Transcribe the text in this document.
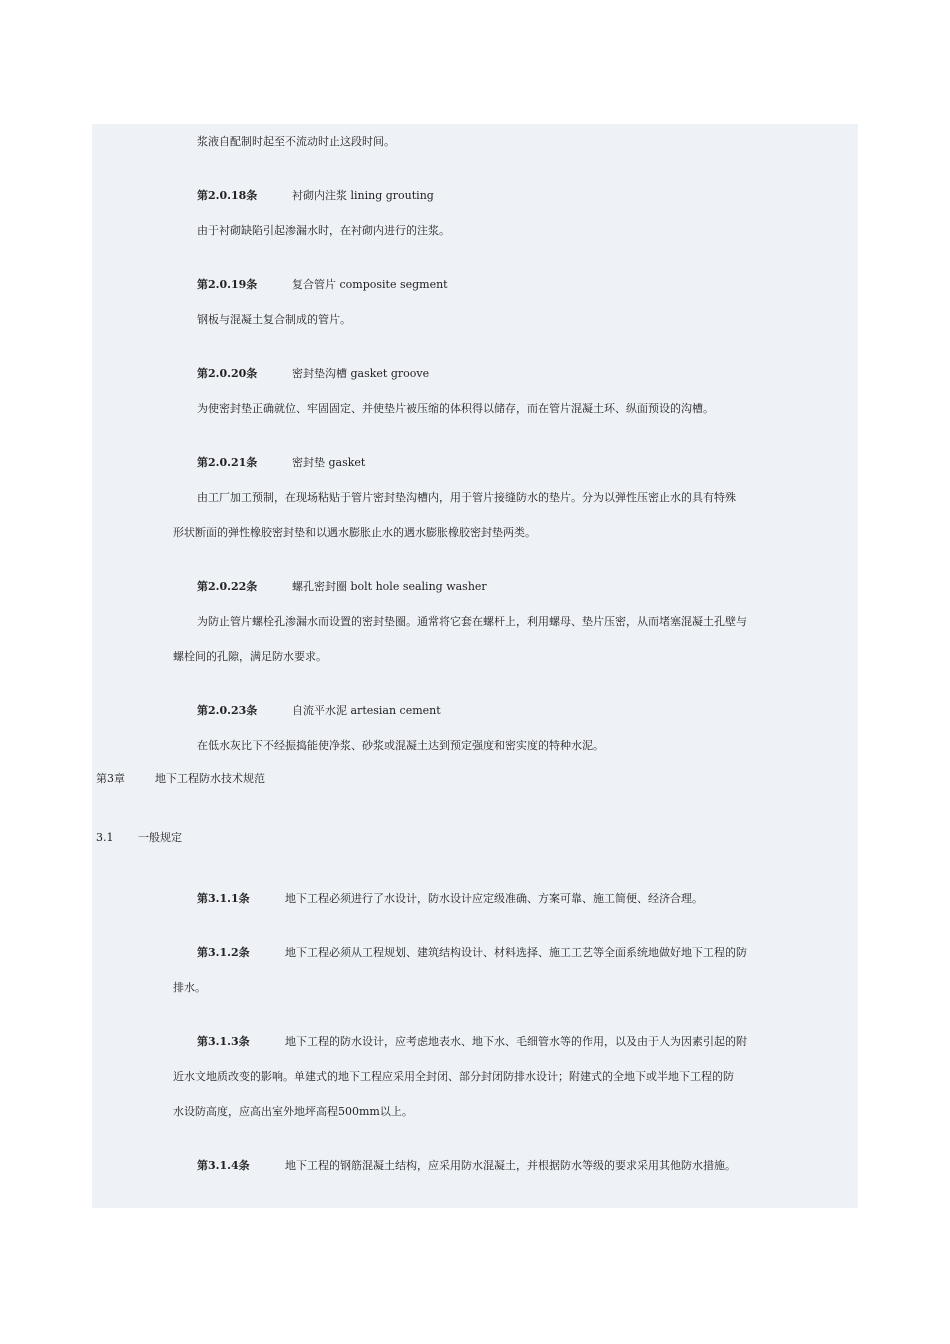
浆液自配制时起至不流动时止这段时间。
第2.0.18条	衬砌内注浆 lining grouting
由于衬砌缺陷引起渗漏水时，在衬砌内进行的注浆。
第2.0.19条	复合管片 composite segment
钢板与混凝土复合制成的管片。
第2.0.20条	密封垫沟槽 gasket groove
为使密封垫正确就位、牢固固定、并使垫片被压缩的体积得以储存，而在管片混凝土环、纵面预设的沟槽。
第2.0.21条	密封垫 gasket
由工厂加工预制，在现场粘贴于管片密封垫沟槽内，用于管片接缝防水的垫片。分为以弹性压密止水的具有特殊
形状断面的弹性橡胶密封垫和以遇水膨胀止水的遇水膨胀橡胶密封垫两类。
第2.0.22条	螺孔密封圈 bolt hole sealing washer
为防止管片螺栓孔渗漏水而设置的密封垫圈。通常将它套在螺杆上，利用螺母、垫片压密，从而堵塞混凝土孔壁与
螺栓间的孔隙，满足防水要求。
第2.0.23条	自流平水泥 artesian cement
在低水灰比下不经振捣能使净浆、砂浆或混凝土达到预定强度和密实度的特种水泥。
第3章	地下工程防水技术规范
3.1 一般规定
第3.1.1条	地下工程必须进行了水设计，防水设计应定级准确、方案可靠、施工简便、经济合理。
第3.1.2条	地下工程必须从工程规划、建筑结构设计、材料选择、施工工艺等全面系统地做好地下工程的防
排水。
第3.1.3条	地下工程的防水设计，应考虑地表水、地下水、毛细管水等的作用，以及由于人为因素引起的附
近水文地质改变的影响。单建式的地下工程应采用全封闭、部分封闭防排水设计；附建式的全地下或半地下工程的防
水设防高度，应高出室外地坪高程500mm以上。
第3.1.4条	地下工程的钢筋混凝土结构，应采用防水混凝土，并根据防水等级的要求采用其他防水措施。
